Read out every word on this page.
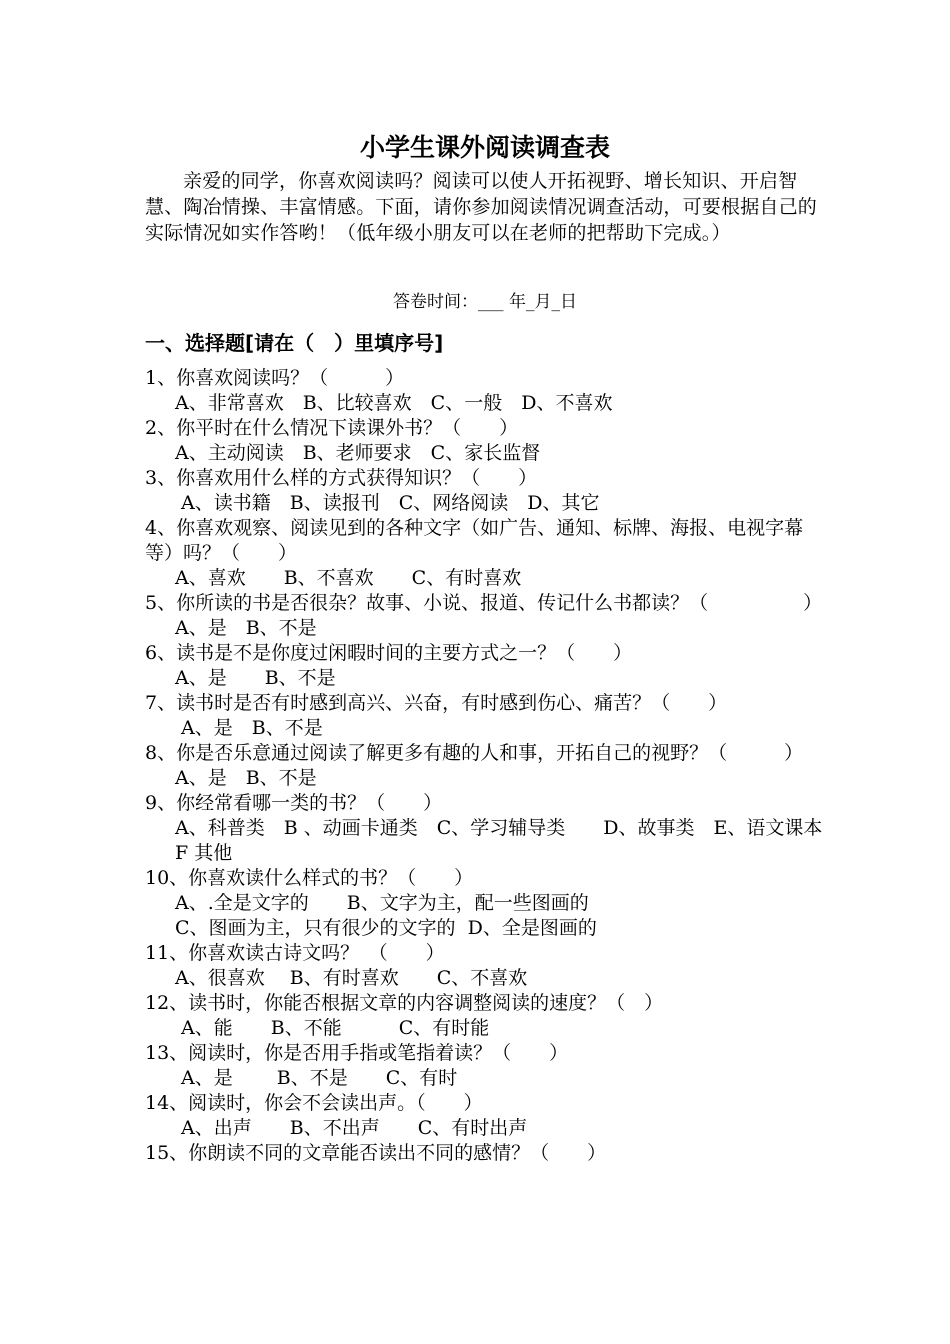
小学生课外阅读调查表

亲爱的同学，你喜欢阅读吗？阅读可以使人开拓视野、增长知识、开启智慧、陶冶情操、丰富情感。下面，请你参加阅读情况调查活动，可要根据自己的实际情况如实作答哟！（低年级小朋友可以在老师的把帮助下完成。）

答卷时间：___ 年_月_日
一、选择题[请在（　）里填序号]

1、你喜欢阅读吗？（　　　）

A、非常喜欢　B、比较喜欢　C、一般　D、不喜欢

2、你平时在什么情况下读课外书？（　　）

A、主动阅读　B、老师要求　C、家长监督

3、你喜欢用什么样的方式获得知识？（　　）

A、读书籍　B、读报刊　C、网络阅读　D、其它

4、你喜欢观察、阅读见到的各种文字（如广告、通知、标牌、海报、电视字幕等）吗？（　　）

A、喜欢　　B、不喜欢　　C、有时喜欢

5、你所读的书是否很杂？故事、小说、报道、传记什么书都读？（　　　　　）

A、是　B、不是

6、读书是不是你度过闲暇时间的主要方式之一？（　　）

A、是　　B、不是

7、读书时是否有时感到高兴、兴奋，有时感到伤心、痛苦？（　　）

A、是　B、不是

8、你是否乐意通过阅读了解更多有趣的人和事，开拓自己的视野？（　　　）

A、是　B、不是

9、你经常看哪一类的书？（　　）

A、科普类　B 、动画卡通类　C、学习辅导类　　D、故事类　E、语文课本 F 其他

10、你喜欢读什么样式的书？（　　）

A、.全是文字的　　B、文字为主，配一些图画的

C、图画为主，只有很少的文字的  D、全是图画的

11、你喜欢读古诗文吗？　（　　）

A、很喜欢　 B、有时喜欢　　C、不喜欢

12、读书时，你能否根据文章的内容调整阅读的速度？（　）

A、能　　B、不能　　　C、有时能

13、阅读时，你是否用手指或笔指着读？（　　）

A、是　　 B、不是　　C、有时

14、阅读时，你会不会读出声。（　　）

A、出声　　B、不出声　　C、有时出声

15、你朗读不同的文章能否读出不同的感情？（　　）
